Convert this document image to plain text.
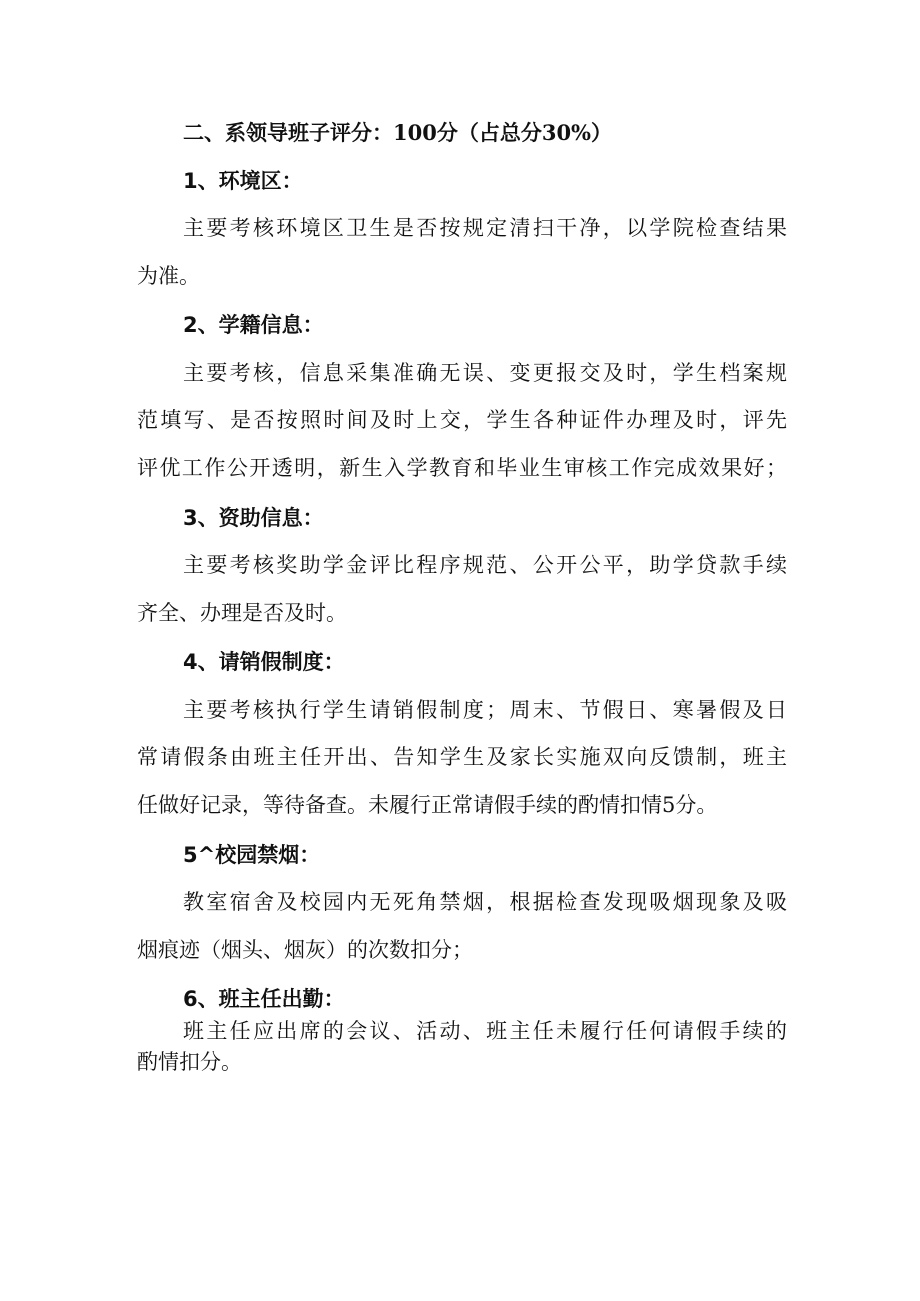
二、系领导班子评分：100分（占总分30%）
1、环境区：
主要考核环境区卫生是否按规定清扫干净，以学院检查结果
为准。
2、学籍信息：
主要考核，信息采集准确无误、变更报交及时，学生档案规
范填写、是否按照时间及时上交，学生各种证件办理及时，评先
评优工作公开透明，新生入学教育和毕业生审核工作完成效果好；
3、资助信息：
主要考核奖助学金评比程序规范、公开公平，助学贷款手续
齐全、办理是否及时。
4、请销假制度：
主要考核执行学生请销假制度；周末、节假日、寒暑假及日
常请假条由班主任开出、告知学生及家长实施双向反馈制，班主
任做好记录，等待备查。未履行正常请假手续的酌情扣情5分。
5^校园禁烟：
教室宿舍及校园内无死角禁烟，根据检查发现吸烟现象及吸
烟痕迹（烟头、烟灰）的次数扣分；
6、班主任出勤：
班主任应出席的会议、活动、班主任未履行任何请假手续的
酌情扣分。
